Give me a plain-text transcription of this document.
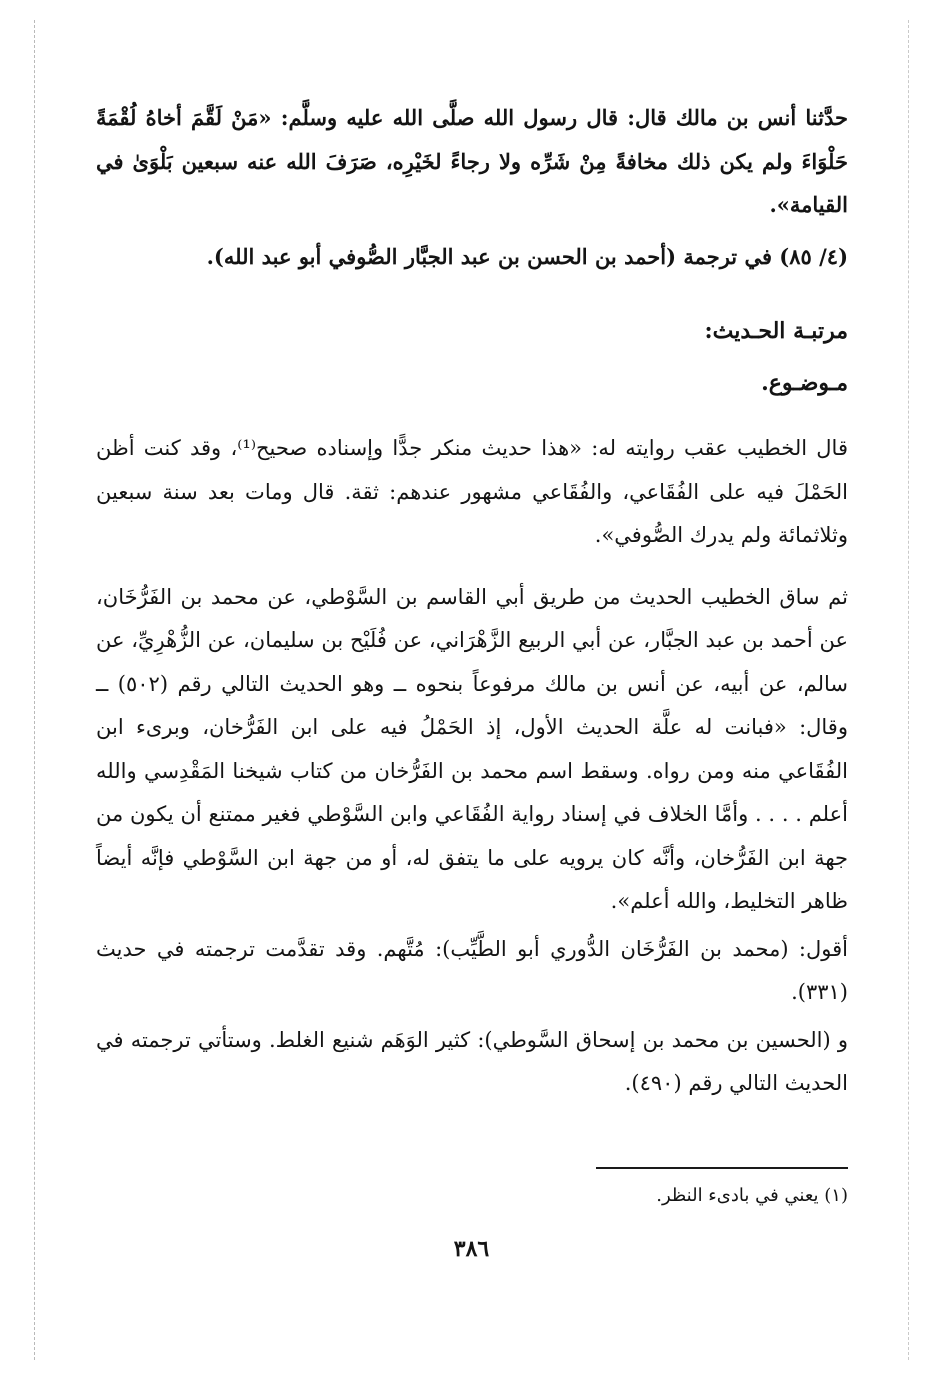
حدَّثنا أنس بن مالك قال: قال رسول الله صلَّى الله عليه وسلَّم: «مَنْ لَقَّمَ أخاهُ لُقْمَةً حَلْوَاءَ ولم يكن ذلك مخافةً مِنْ شَرِّه ولا رجاءً لخَيْرِه، صَرَفَ الله عنه سبعين بَلْوَىٰ في القيامة».

(٤/ ٨٥) في ترجمة (أحمد بن الحسن بن عبد الجبَّار الصُّوفي أبو عبد الله).

مرتبـة الحـديث:

مـوضـوع.

قال الخطيب عقب روايته له: «هذا حديث منكر جدًّا وإسناده صحيح⁽¹⁾، وقد كنت أظن الحَمْلَ فيه على الفُقَاعي، والفُقَاعي مشهور عندهم: ثقة. قال ومات بعد سنة سبعين وثلاثمائة ولم يدرك الصُّوفي».

ثم ساق الخطيب الحديث من طريق أبي القاسم بن السَّوْطي، عن محمد بن الفَرُّخَان، عن أحمد بن عبد الجبَّار، عن أبي الربيع الزَّهْرَاني، عن فُلَيْح بن سليمان، عن الزُّهْرِيِّ، عن سالم، عن أبيه، عن أنس بن مالك مرفوعاً بنحوه ــ وهو الحديث التالي رقم (٥٠٢) ــ وقال: «فبانت له علَّة الحديث الأول، إذ الحَمْلُ فيه على ابن الفَرُّخان، وبرىء ابن الفُقَاعي منه ومن رواه. وسقط اسم محمد بن الفَرُّخان من كتاب شيخنا المَقْدِسي والله أعلم . . . . وأمَّا الخلاف في إسناد رواية الفُقَاعي وابن السَّوْطي فغير ممتنع أن يكون من جهة ابن الفَرُّخان، وأنَّه كان يرويه على ما يتفق له، أو من جهة ابن السَّوْطي فإنَّه أيضاً ظاهر التخليط، والله أعلم».

أقول: (محمد بن الفَرُّخَان الدُّوري أبو الطَّيِّب): مُتَّهم. وقد تقدَّمت ترجمته في حديث (٣٣١).

و (الحسين بن محمد بن إسحاق السَّوطي): كثير الوَهَم شنيع الغلط. وستأتي ترجمته في الحديث التالي رقم (٤٩٠).

(١) يعني في بادىء النظر.
٣٨٦
